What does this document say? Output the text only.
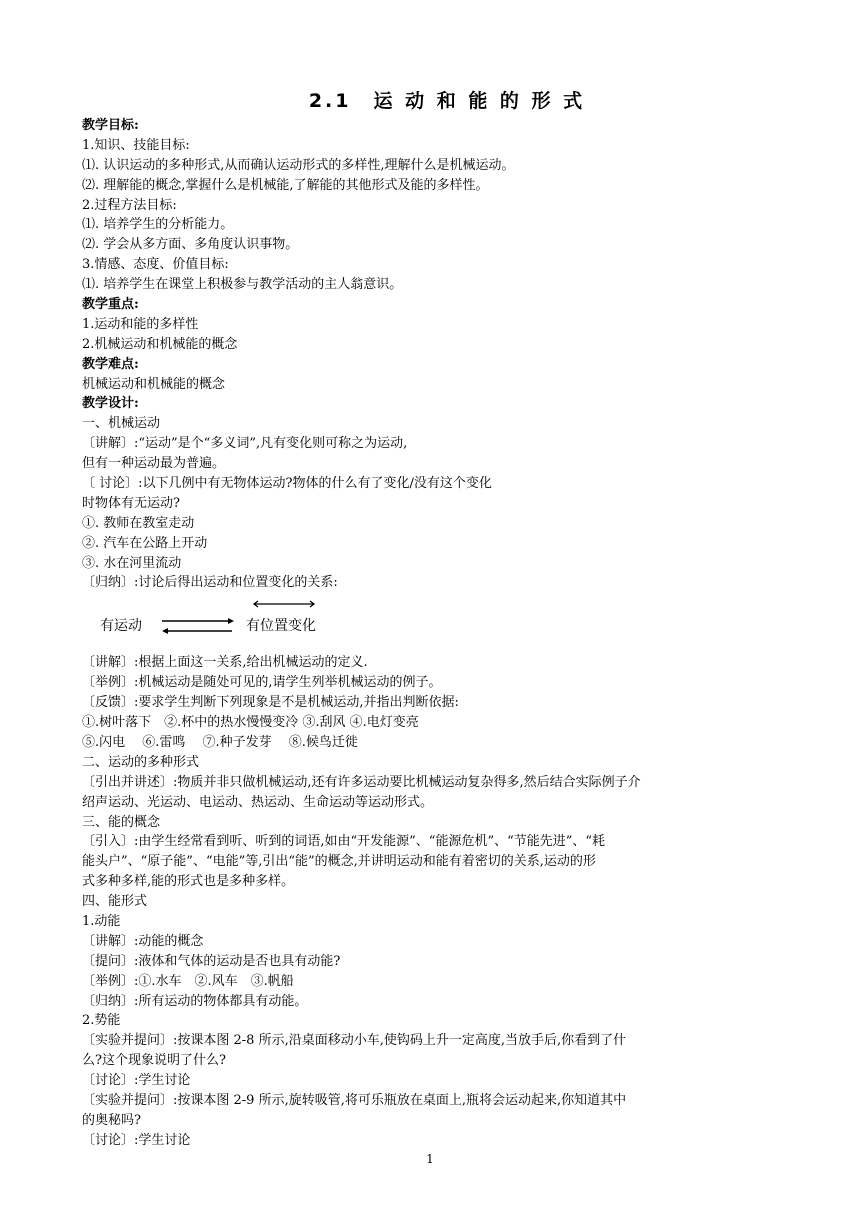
2.1　运 动 和 能 的 形 式
教学目标:
1.知识、技能目标:
⑴. 认识运动的多种形式,从而确认运动形式的多样性,理解什么是机械运动。
⑵. 理解能的概念,掌握什么是机械能,了解能的其他形式及能的多样性。
2.过程方法目标:
⑴. 培养学生的分析能力。
⑵. 学会从多方面、多角度认识事物。
3.情感、态度、价值目标:
⑴. 培养学生在课堂上积极参与教学活动的主人翁意识。
教学重点:
1.运动和能的多样性
2.机械运动和机械能的概念
教学难点:
机械运动和机械能的概念
教学设计:
一、机械运动
〔讲解〕:“运动”是个“多义词”,凡有变化则可称之为运动,
但有一种运动最为普遍。
〔 讨论〕:以下几例中有无物体运动?物体的什么有了变化/没有这个变化
时物体有无运动?
①. 教师在教室走动
②. 汽车在公路上开动
③. 水在河里流动
〔归纳〕:讨论后得出运动和位置变化的关系:
有运动	有位置变化
〔讲解〕:根据上面这一关系,给出机械运动的定义.
〔举例〕:机械运动是随处可见的,请学生列举机械运动的例子。
〔反馈〕:要求学生判断下列现象是不是机械运动,并指出判断依据:
①.树叶落下　②.杯中的热水慢慢变冷 ③.刮风 ④.电灯变亮
⑤.闪电　 ⑥.雷鸣　 ⑦.种子发芽　 ⑧.候鸟迁徙
二、运动的多种形式
〔引出并讲述〕:物质并非只做机械运动,还有许多运动要比机械运动复杂得多,然后结合实际例子介
绍声运动、光运动、电运动、热运动、生命运动等运动形式。
三、能的概念
〔引入〕:由学生经常看到听、听到的词语,如由“开发能源”、“能源危机”、“节能先进”、“耗
能头户”、“原子能”、“电能”等,引出“能”的概念,并讲明运动和能有着密切的关系,运动的形
式多种多样,能的形式也是多种多样。
四、能形式
1.动能
〔讲解〕:动能的概念
〔提问〕:液体和气体的运动是否也具有动能?
〔举例〕:①.水车　②.风车　③.帆船
〔归纳〕:所有运动的物体都具有动能。
2.势能
〔实验并提问〕:按课本图 2-8 所示,沿桌面移动小车,使钩码上升一定高度,当放手后,你看到了什
么?这个现象说明了什么?
〔讨论〕:学生讨论
〔实验并提问〕:按课本图 2-9 所示,旋转吸管,将可乐瓶放在桌面上,瓶将会运动起来,你知道其中
的奥秘吗?
〔讨论〕:学生讨论
1
